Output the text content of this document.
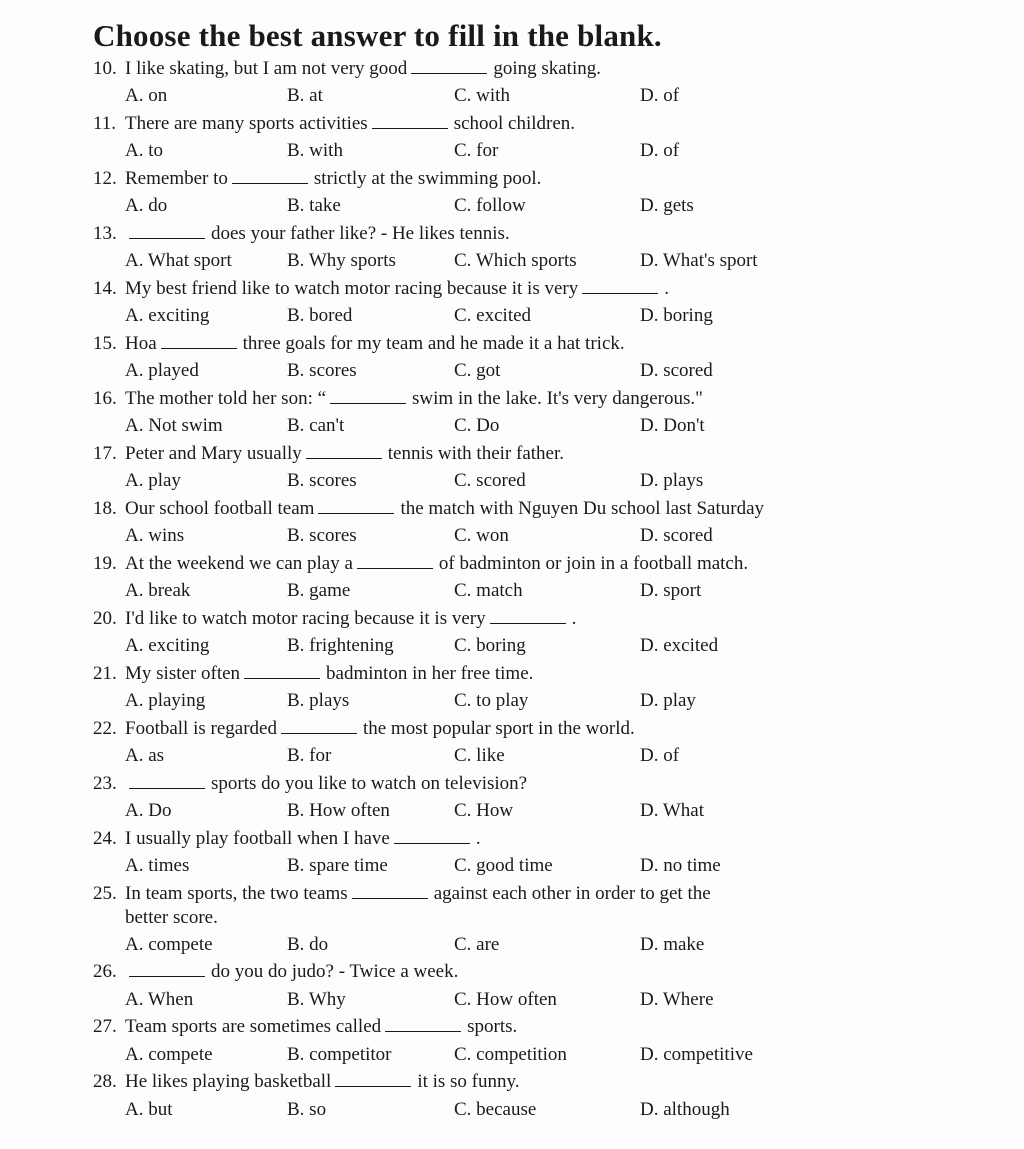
Choose the best answer to fill in the blank.
10. I like skating, but I am not very good	going skating.
A. on	B. at	C. with	D. of
11. There are many sports activities	school children.
A. to	B. with	C. for	D. of
12. Remember to	strictly at the swimming pool.
A. do	B. take	C. follow	D. gets
13.	does your father like? - He likes tennis.
A. What sport	B. Why sports	C. Which sports	D. What's sport
14. My best friend like to watch motor racing because it is very	.
A. exciting	B. bored	C. excited	D. boring
15. Hoa	three goals for my team and he made it a hat trick.
A. played	B. scores	C. got	D. scored
16. The mother told her son: “	swim in the lake. It's very dangerous."
A. Not swim	B. can't	C. Do	D. Don't
17. Peter and Mary usually	tennis with their father.
A. play	B. scores	C. scored	D. plays
18. Our school football team	the match with Nguyen Du school last Saturday
A. wins	B. scores	C. won	D. scored
19. At the weekend we can play a	of badminton or join in a football match.
A. break	B. game	C. match	D. sport
20. I'd like to watch motor racing because it is very	.
A. exciting	B. frightening	C. boring	D. excited
21. My sister often	badminton in her free time.
A. playing	B. plays	C. to play	D. play
22. Football is regarded	the most popular sport in the world.
A. as	B. for	C. like	D. of
23.	sports do you like to watch on television?
A. Do	B. How often	C. How	D. What
24. I usually play football when I have	.
A. times	B. spare time	C. good time	D. no time
25. In team sports, the two teams	against each other in order to get the
better score.
A. compete	B. do	C. are	D. make
26.	do you do judo? - Twice a week.
A. When	B. Why	C. How often	D. Where
27. Team sports are sometimes called	sports.
A. compete	B. competitor	C. competition	D. competitive
28. He likes playing basketball	it is so funny.
A. but	B. so	C. because	D. although
